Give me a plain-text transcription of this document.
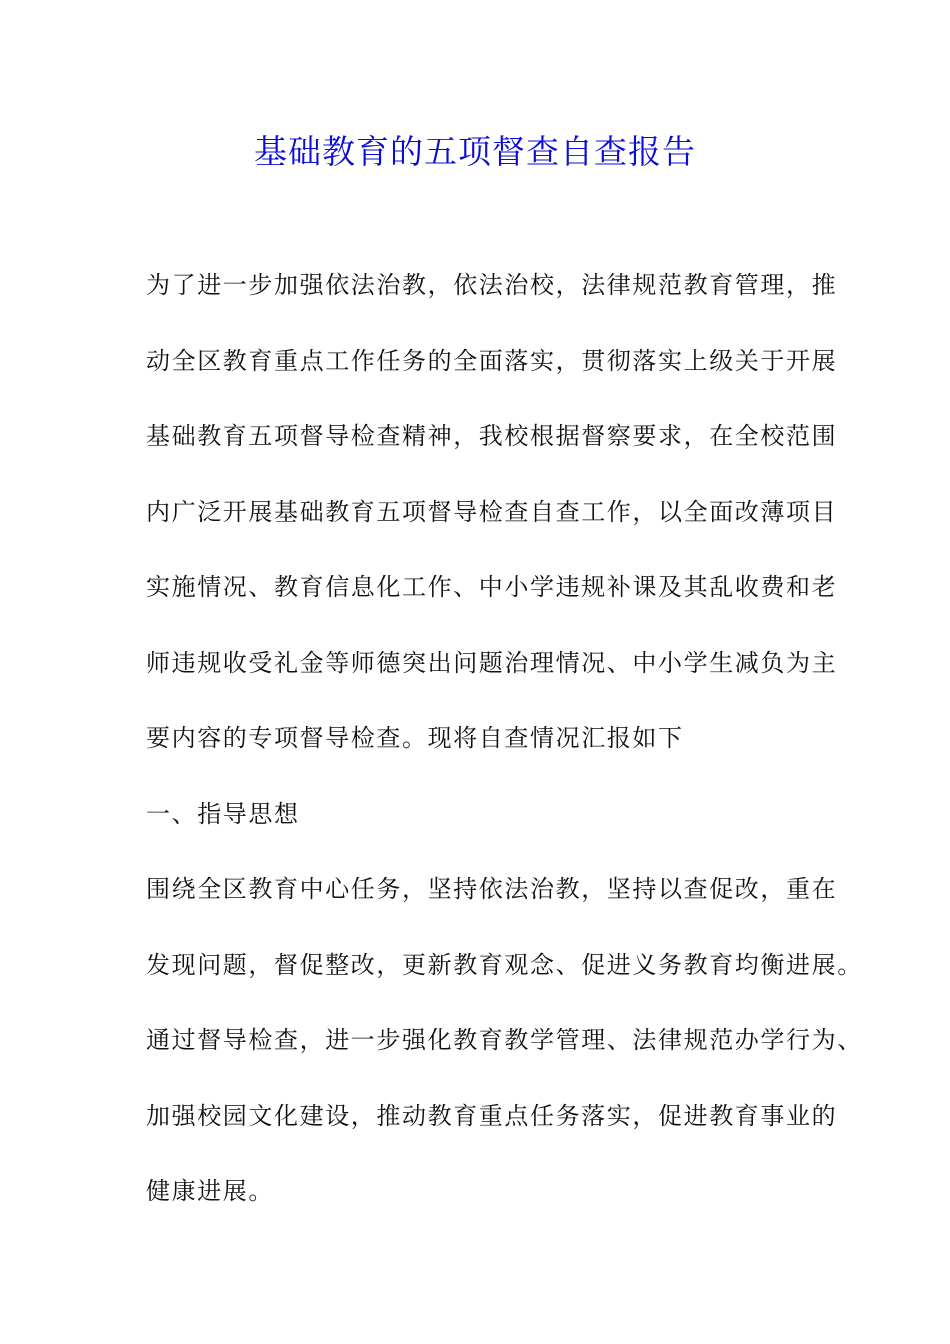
基础教育的五项督查自查报告
为了进一步加强依法治教，依法治校，法律规范教育管理，推
动全区教育重点工作任务的全面落实，贯彻落实上级关于开展
基础教育五项督导检查精神，我校根据督察要求，在全校范围
内广泛开展基础教育五项督导检查自查工作，以全面改薄项目
实施情况、教育信息化工作、中小学违规补课及其乱收费和老
师违规收受礼金等师德突出问题治理情况、中小学生减负为主
要内容的专项督导检查。现将自查情况汇报如下
一、指导思想
围绕全区教育中心任务，坚持依法治教，坚持以查促改，重在
发现问题，督促整改，更新教育观念、促进义务教育均衡进展。
通过督导检查，进一步强化教育教学管理、法律规范办学行为、
加强校园文化建设，推动教育重点任务落实，促进教育事业的
健康进展。
